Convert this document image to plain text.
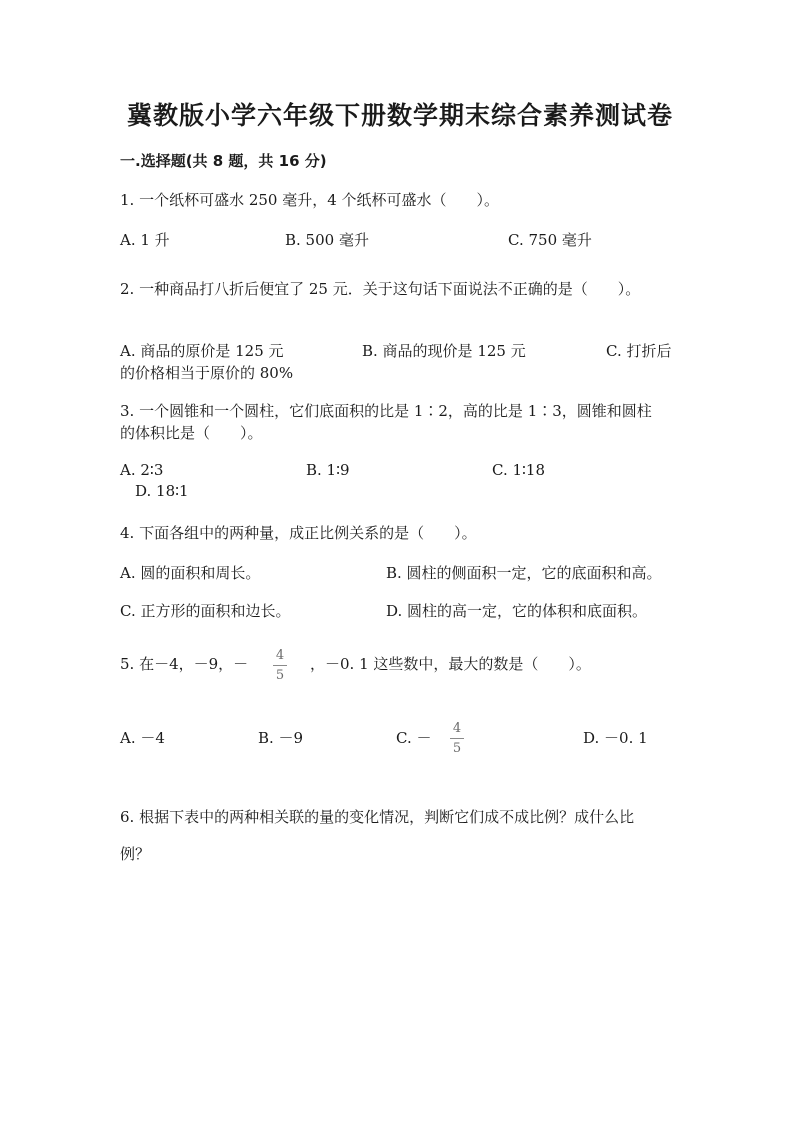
冀教版小学六年级下册数学期末综合素养测试卷
一.选择题(共 8 题，共 16 分)
1. 一个纸杯可盛水 250 毫升，4 个纸杯可盛水（　　）。
A. 1 升	B. 500 毫升	C. 750 毫升
2. 一种商品打八折后便宜了 25 元．关于这句话下面说法不正确的是（　　）。
A. 商品的原价是 125 元	B. 商品的现价是 125 元	C. 打折后
的价格相当于原价的 80%
3. 一个圆锥和一个圆柱，它们底面积的比是 1∶2，高的比是 1∶3，圆锥和圆柱
的体积比是（　　）。
A. 2∶3	B. 1∶9	C. 1∶18
D. 18∶1
4. 下面各组中的两种量，成正比例关系的是（　　）。
A. 圆的面积和周长。	B. 圆柱的侧面积一定，它的底面积和高。
C. 正方形的面积和边长。	D. 圆柱的高一定，它的体积和底面积。
5. 在－4，－9，－ 4
5
，－0. 1 这些数中，最大的数是（　　）。
A. －4	B. －9	C. －
4
5
D. －0. 1
6. 根据下表中的两种相关联的量的变化情况，判断它们成不成比例？成什么比
例？
